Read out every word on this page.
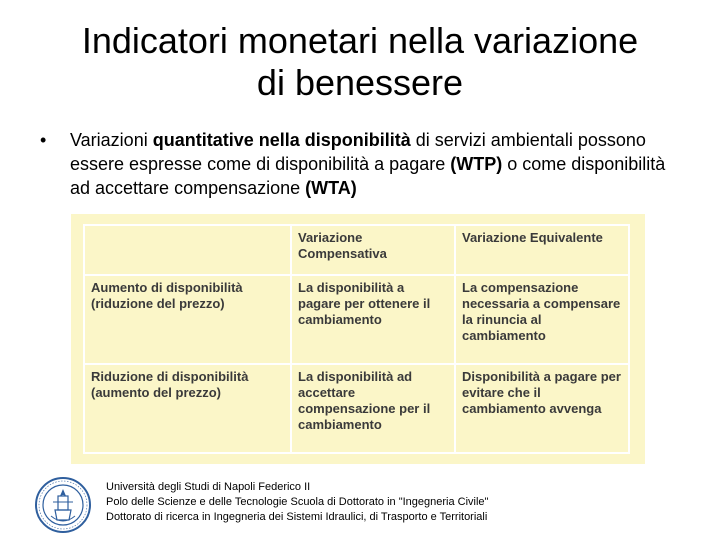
Indicatori monetari nella variazione
di benessere
• Variazioni quantitative nella disponibilità di servizi ambientali possono essere espresse come di disponibilità a pagare (WTP) o come disponibilità ad accettare compensazione (WTA)
	Variazione Compensativa	Variazione Equivalente
Aumento di disponibilità (riduzione del prezzo)	La disponibilità a pagare per ottenere il cambiamento	La compensazione necessaria a compensare la rinuncia al cambiamento
Riduzione di disponibilità (aumento del prezzo)	La disponibilità ad accettare compensazione per il cambiamento	Disponibilità a pagare per evitare che il cambiamento avvenga
Università degli Studi di Napoli Federico II
Polo delle Scienze e delle Tecnologie Scuola di Dottorato in "Ingegneria Civile"
Dottorato di ricerca in Ingegneria dei Sistemi Idraulici, di Trasporto e Territoriali
